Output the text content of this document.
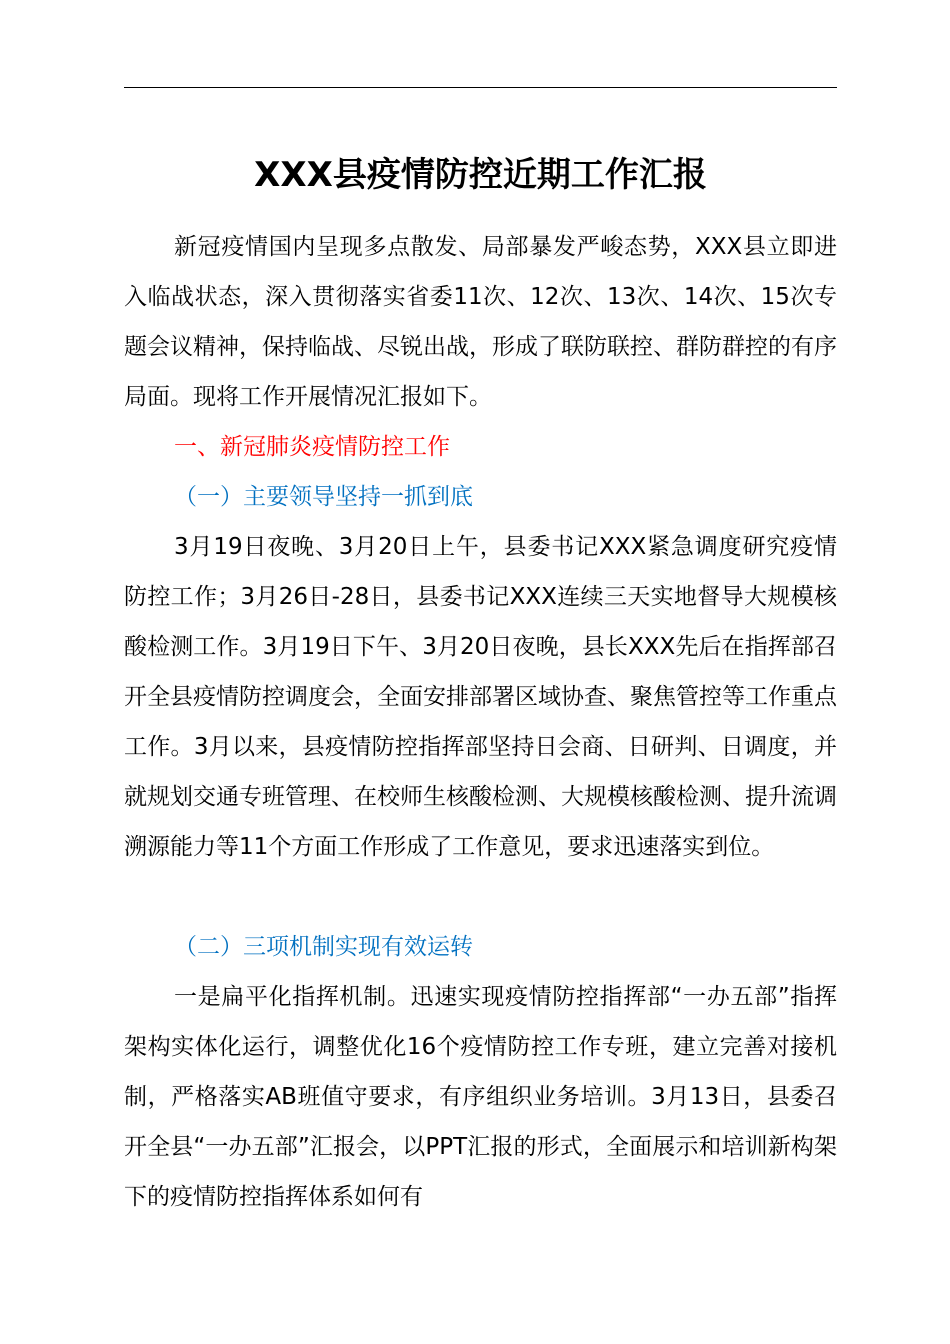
XXX县疫情防控近期工作汇报

新冠疫情国内呈现多点散发、局部暴发严峻态势，XXX县立即进入临战状态，深入贯彻落实省委11次、12次、13次、14次、15次专题会议精神，保持临战、尽锐出战，形成了联防联控、群防群控的有序局面。现将工作开展情况汇报如下。

一、新冠肺炎疫情防控工作
（一）主要领导坚持一抓到底

3月19日夜晚、3月20日上午，县委书记XXX紧急调度研究疫情防控工作；3月26日-28日，县委书记XXX连续三天实地督导大规模核酸检测工作。3月19日下午、3月20日夜晚，县长XXX先后在指挥部召开全县疫情防控调度会，全面安排部署区域协查、聚焦管控等工作重点工作。3月以来，县疫情防控指挥部坚持日会商、日研判、日调度，并就规划交通专班管理、在校师生核酸检测、大规模核酸检测、提升流调溯源能力等11个方面工作形成了工作意见，要求迅速落实到位。

（二）三项机制实现有效运转

一是扁平化指挥机制。迅速实现疫情防控指挥部“一办五部”指挥架构实体化运行，调整优化16个疫情防控工作专班，建立完善对接机制，严格落实AB班值守要求，有序组织业务培训。3月13日，县委召开全县“一办五部”汇报会，以PPT汇报的形式，全面展示和培训新构架下的疫情防控指挥体系如何有
